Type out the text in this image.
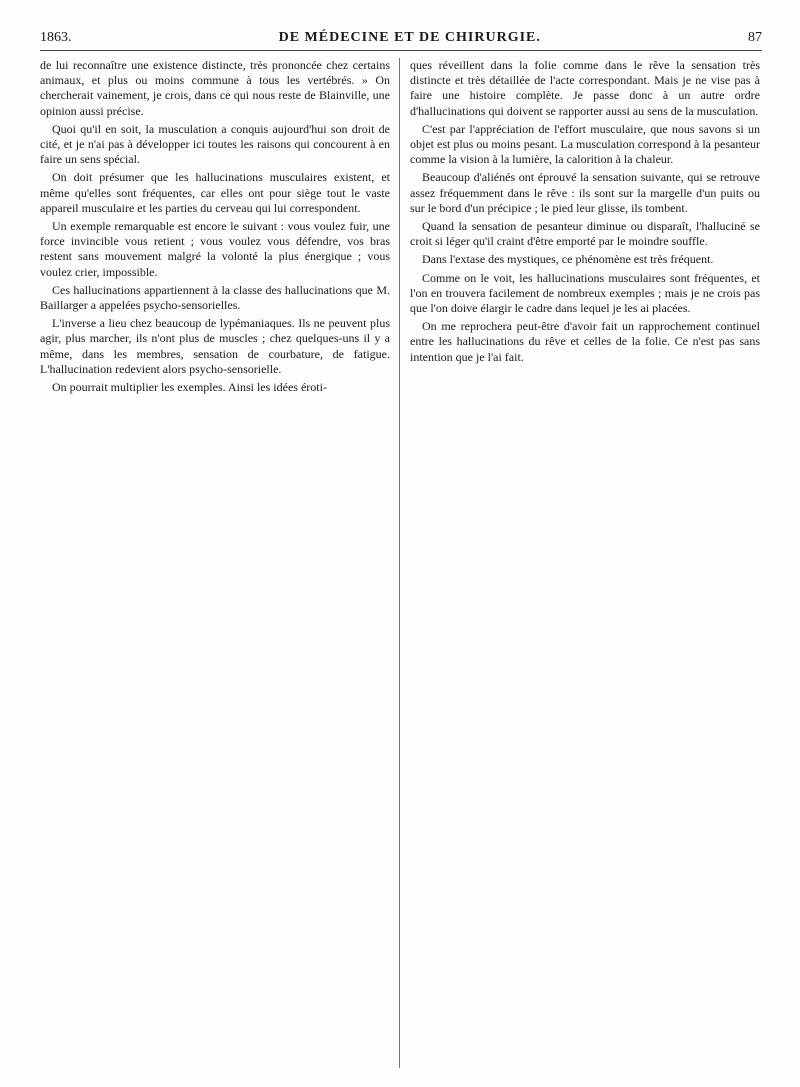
1863.	DE MÉDECINE ET DE CHIRURGIE.	87

de lui reconnaître une existence distincte, très prononcée chez certains animaux, et plus ou moins commune à tous les vertébrés. » On chercherait vainement, je crois, dans ce qui nous reste de Blainville, une opinion aussi précise.

Quoi qu'il en soit, la musculation a conquis aujourd'hui son droit de cité, et je n'ai pas à développer ici toutes les raisons qui concourent à en faire un sens spécial.

On doit présumer que les hallucinations musculaires existent, et même qu'elles sont fréquentes, car elles ont pour siège tout le vaste appareil musculaire et les parties du cerveau qui lui correspondent.

Un exemple remarquable est encore le suivant : vous voulez fuir, une force invincible vous retient ; vous voulez vous défendre, vos bras restent sans mouvement malgré la volonté la plus énergique ; vous voulez crier, impossible.

Ces hallucinations appartiennent à la classe des hallucinations que M. Baillarger a appelées psycho-sensorielles.

L'inverse a lieu chez beaucoup de lypémaniaques. Ils ne peuvent plus agir, plus marcher, ils n'ont plus de muscles ; chez quelques-uns il y a même, dans les membres, sensation de courbature, de fatigue. L'hallucination redevient alors psycho-sensorielle.

On pourrait multiplier les exemples. Ainsi les idées éroti-

ques réveillent dans la folie comme dans le rêve la sensation très distincte et très détaillée de l'acte correspondant. Mais je ne vise pas à faire une histoire complète. Je passe donc à un autre ordre d'hallucinations qui doivent se rapporter aussi au sens de la musculation.

C'est par l'appréciation de l'effort musculaire, que nous savons si un objet est plus ou moins pesant. La musculation correspond à la pesanteur comme la vision à la lumière, la calorition à la chaleur.

Beaucoup d'aliénés ont éprouvé la sensation suivante, qui se retrouve assez fréquemment dans le rêve : ils sont sur la margelle d'un puits ou sur le bord d'un précipice ; le pied leur glisse, ils tombent.

Quand la sensation de pesanteur diminue ou disparaît, l'halluciné se croit si léger qu'il craint d'être emporté par le moindre souffle.

Dans l'extase des mystiques, ce phénomène est très fréquent.

Comme on le voit, les hallucinations musculaires sont fréquentes, et l'on en trouvera facilement de nombreux exemples ; mais je ne crois pas que l'on doive élargir le cadre dans lequel je les ai placées.

On me reprochera peut-être d'avoir fait un rapprochement continuel entre les hallucinations du rêve et celles de la folie. Ce n'est pas sans intention que je l'ai fait.
